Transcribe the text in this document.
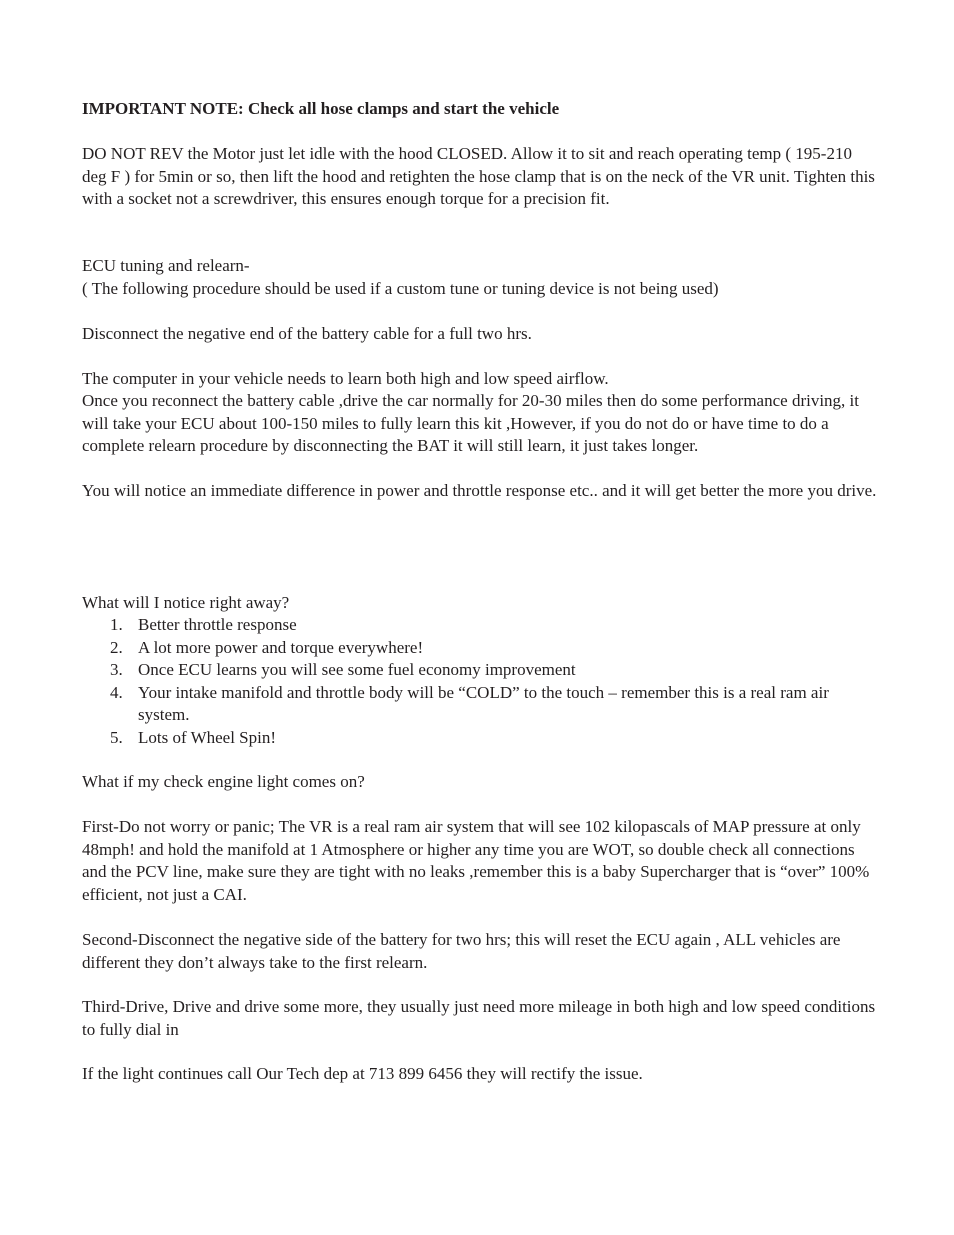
IMPORTANT NOTE: Check all hose clamps and start the vehicle

DO NOT REV the Motor just let idle with the hood CLOSED. Allow it to sit and reach operating temp ( 195-210 deg F ) for 5min or so, then lift the hood and retighten the hose clamp that is on the neck of the VR unit. Tighten this with a socket not a screwdriver, this ensures enough torque for a precision fit.

ECU tuning and relearn-

( The following procedure should be used if a custom tune or tuning device is not being used)

Disconnect the negative end of the battery cable for a full two hrs.

The computer in your vehicle needs to learn both high and low speed airflow.

Once you reconnect the battery cable ,drive the car normally for 20-30 miles then do some performance driving, it will take your ECU about 100-150 miles to fully learn this kit ,However, if you do not do or have time to do a complete relearn procedure by disconnecting the BAT it will still learn, it just takes longer.

You will notice an immediate difference in power and throttle response etc.. and it will get better the more you drive.

What will I notice right away?

1. Better throttle response
2. A lot more power and torque everywhere!
3. Once ECU learns you will see some fuel economy improvement
4. Your intake manifold and throttle body will be “COLD” to the touch – remember this is a real ram air system.
5. Lots of Wheel Spin!

What if my check engine light comes on?

First-Do not worry or panic; The VR is a real ram air system that will see 102 kilopascals of MAP pressure at only 48mph! and hold the manifold at 1 Atmosphere or higher any time you are WOT, so double check all connections and the PCV line, make sure they are tight with no leaks ,remember this is a baby Supercharger that is “over” 100% efficient, not just a CAI.

Second-Disconnect the negative side of the battery for two hrs; this will reset the ECU again , ALL vehicles are different they don’t always take to the first relearn.

Third-Drive, Drive and drive some more, they usually just need more mileage in both high and low speed conditions to fully dial in

If the light continues call Our Tech dep at 713 899 6456 they will rectify the issue.
